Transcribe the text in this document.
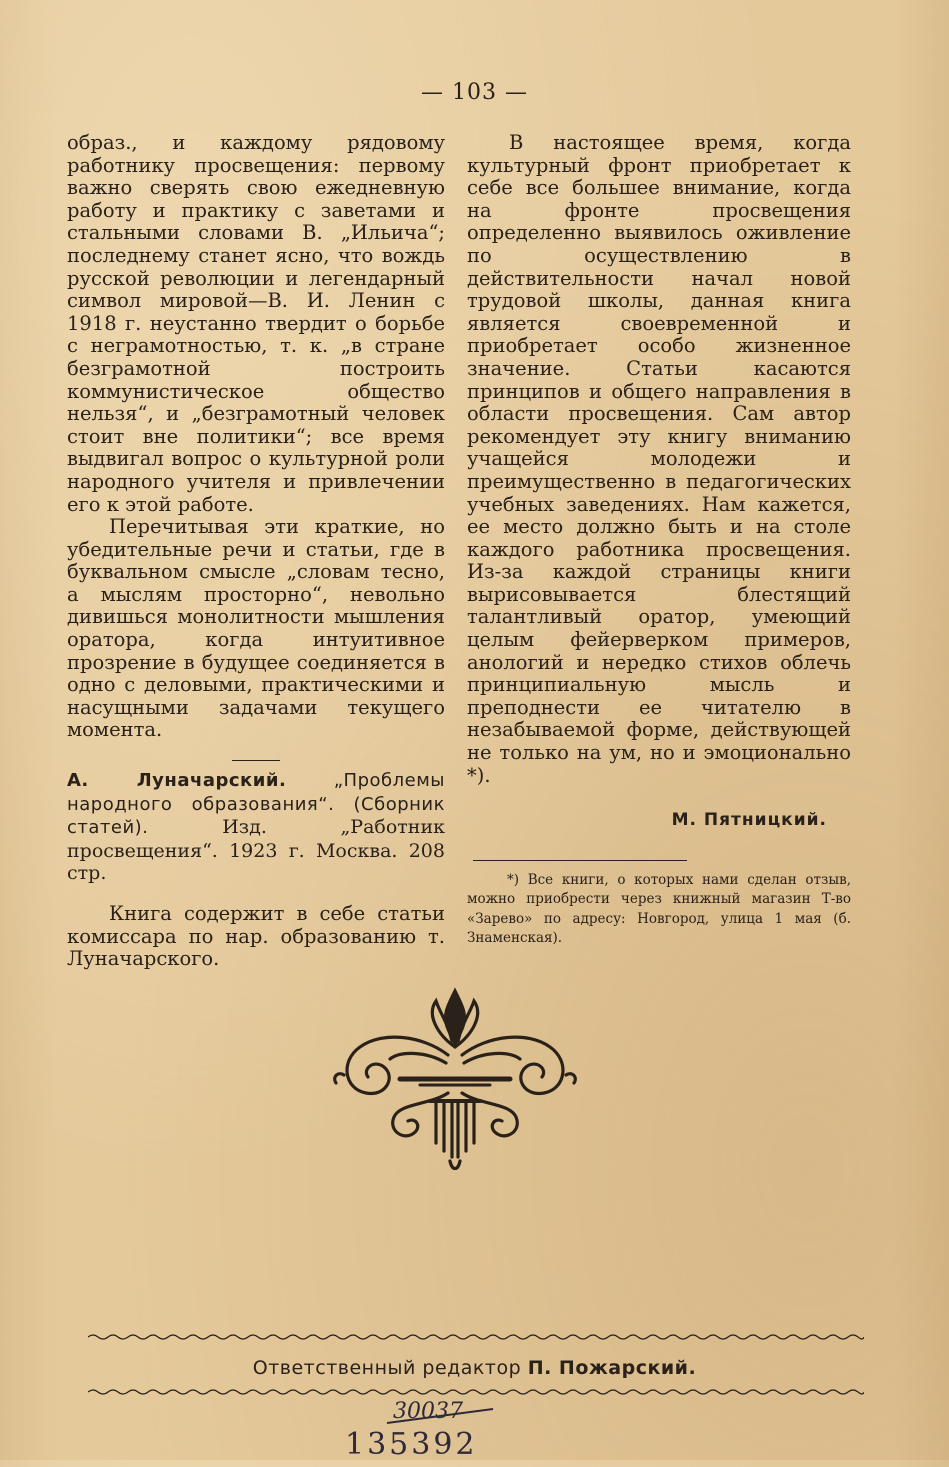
— 103 —

образ., и каждому рядовому работнику просвещения: первому важно сверять свою ежедневную работу и практику с заветами и стальными словами В. „Ильича“; последнему станет ясно, что вождь русской революции и легендарный символ мировой—В. И. Ленин с 1918 г. неустанно твердит о борьбе с неграмотностью, т. к. „в стране безграмотной построить коммунистическое общество нельзя“, и „безграмотный человек стоит вне политики“; все время выдвигал вопрос о культурной роли народного учителя и привлечении его к этой работе.

Перечитывая эти краткие, но убедительные речи и статьи, где в буквальном смысле „словам тесно, а мыслям просторно“, невольно дивишься монолитности мышления оратора, когда интуитивное прозрение в будущее соединяется в одно с деловыми, практическими и насущными задачами текущего момента.

А. Луначарский.	„Проблемы народного образования“. (Сборник статей).	Изд. „Работник просвещения“. 1923 г. Москва. 208 стр.

Книга содержит в себе статьи комиссара по нар. образованию т. Луначарского.

В настоящее время, когда культурный фронт приобретает к себе все большее внимание, когда на фронте просвещения определенно выявилось оживление по осуществлению в действительности начал новой трудовой школы, данная книга является своевременной и приобретает особо жизненное значение. Статьи касаются принципов и общего направления в области просвещения. Сам автор рекомендует эту книгу вниманию учащейся молодежи и преимущественно в педагогических учебных заведениях. Нам кажется, ее место должно быть и на столе каждого работника просвещения. Из-за каждой страницы книги вырисовывается блестящий талантливый оратор, умеющий целым фейерверком примеров, анологий и нередко стихов облечь принципиальную мысль и преподнести ее читателю в незабываемой форме, действующей не только на ум, но и эмоционально *).

М. Пятницкий.

*) Все книги, о которых нами сделан отзыв, можно приобрести через книжный магазин Т-во «Зарево» по адресу: Новгород, улица 1 мая (б. Знаменская).

Ответственный редактор П. Пожарский.
30037
135392
